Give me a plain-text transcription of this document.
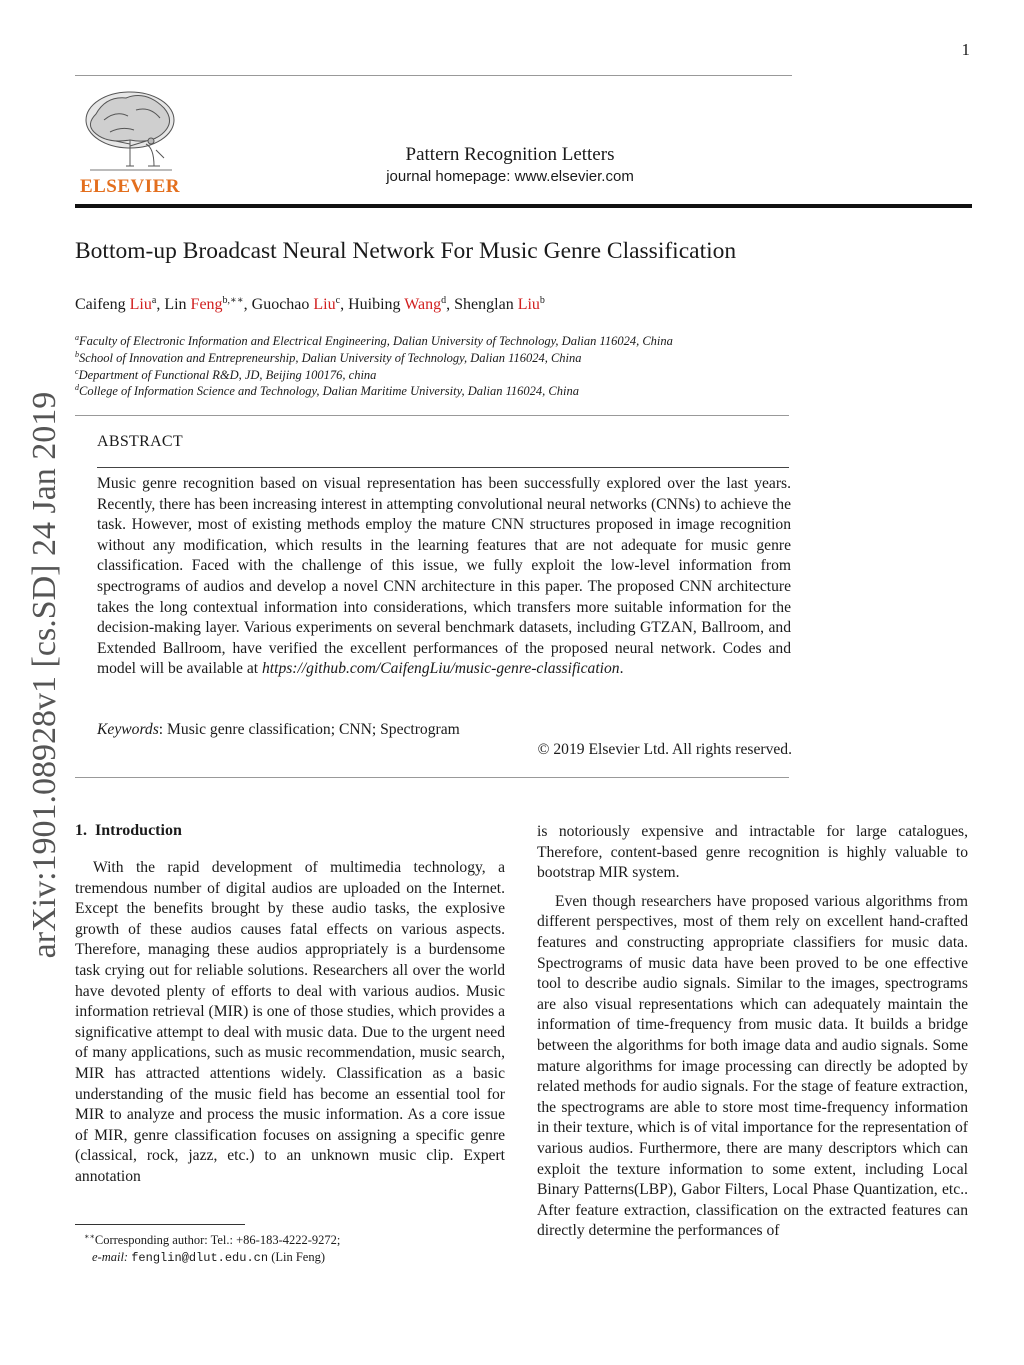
1
ELSEVIER
Pattern Recognition Letters
journal homepage: www.elsevier.com
Bottom-up Broadcast Neural Network For Music Genre Classification
Caifeng Liu$^a$, Lin Feng$^{b,∗∗}$, Guochao Liu$^c$, Huibing Wang$^d$, Shenglan Liu$^b$
$^a$Faculty of Electronic Information and Electrical Engineering, Dalian University of Technology, Dalian 116024, China
$^b$School of Innovation and Entrepreneurship, Dalian University of Technology, Dalian 116024, China
$^c$Department of Functional R&D, JD, Beijing 100176, china
$^d$College of Information Science and Technology, Dalian Maritime University, Dalian 116024, China
ABSTRACT
Music genre recognition based on visual representation has been successfully explored over the last years. Recently, there has been increasing interest in attempting convolutional neural networks (CNNs) to achieve the task. However, most of existing methods employ the mature CNN structures proposed in image recognition without any modification, which results in the learning features that are not adequate for music genre classification. Faced with the challenge of this issue, we fully exploit the low-level information from spectrograms of audios and develop a novel CNN architecture in this paper. The proposed CNN architecture takes the long contextual information into considerations, which transfers more suitable information for the decision-making layer. Various experiments on several benchmark datasets, including GTZAN, Ballroom, and Extended Ballroom, have verified the excellent performances of the proposed neural network. Codes and model will be available at https://github.com/CaifengLiu/music-genre-classification.
Keywords: Music genre classification; CNN; Spectrogram
© 2019 Elsevier Ltd. All rights reserved.
arXiv:1901.08928v1 [cs.SD] 24 Jan 2019 1. Introduction

With the rapid development of multimedia technology, a tremendous number of digital audios are uploaded on the Internet. Except the benefits brought by these audio tasks, the explosive growth of these audios causes fatal effects on various aspects. Therefore, managing these audios appropriately is a burdensome task crying out for reliable solutions. Researchers all over the world have devoted plenty of efforts to deal with various audios. Music information retrieval (MIR) is one of those studies, which provides a significative attempt to deal with music data. Due to the urgent need of many applications, such as music recommendation, music search, MIR has attracted attentions widely. Classification as a basic understanding of the music field has become an essential tool for MIR to analyze and process the music information. As a core issue of MIR, genre classification focuses on assigning a specific genre (classical, rock, jazz, etc.) to an unknown music clip. Expert annotation

is notoriously expensive and intractable for large catalogues, Therefore, content-based genre recognition is highly valuable to bootstrap MIR system.

Even though researchers have proposed various algorithms from different perspectives, most of them rely on excellent hand-crafted features and constructing appropriate classifiers for music data. Spectrograms of music data have been proved to be one effective tool to describe audio signals. Similar to the images, spectrograms are also visual representations which can adequately maintain the information of time-frequency from music data. It builds a bridge between the algorithms for both image data and audio signals. Some mature algorithms for image processing can directly be adopted by related methods for audio signals. For the stage of feature extraction, the spectrograms are able to store most time-frequency information in their texture, which is of vital importance for the representation of various audios. Furthermore, there are many descriptors which can exploit the texture information to some extent, including Local Binary Patterns(LBP), Gabor Filters, Local Phase Quantization, etc.. After feature extraction, classification on the extracted features can directly determine the performances of

∗∗Corresponding author: Tel.: +86-183-4222-9272;
e-mail: fenglin@dlut.edu.cn (Lin Feng)
